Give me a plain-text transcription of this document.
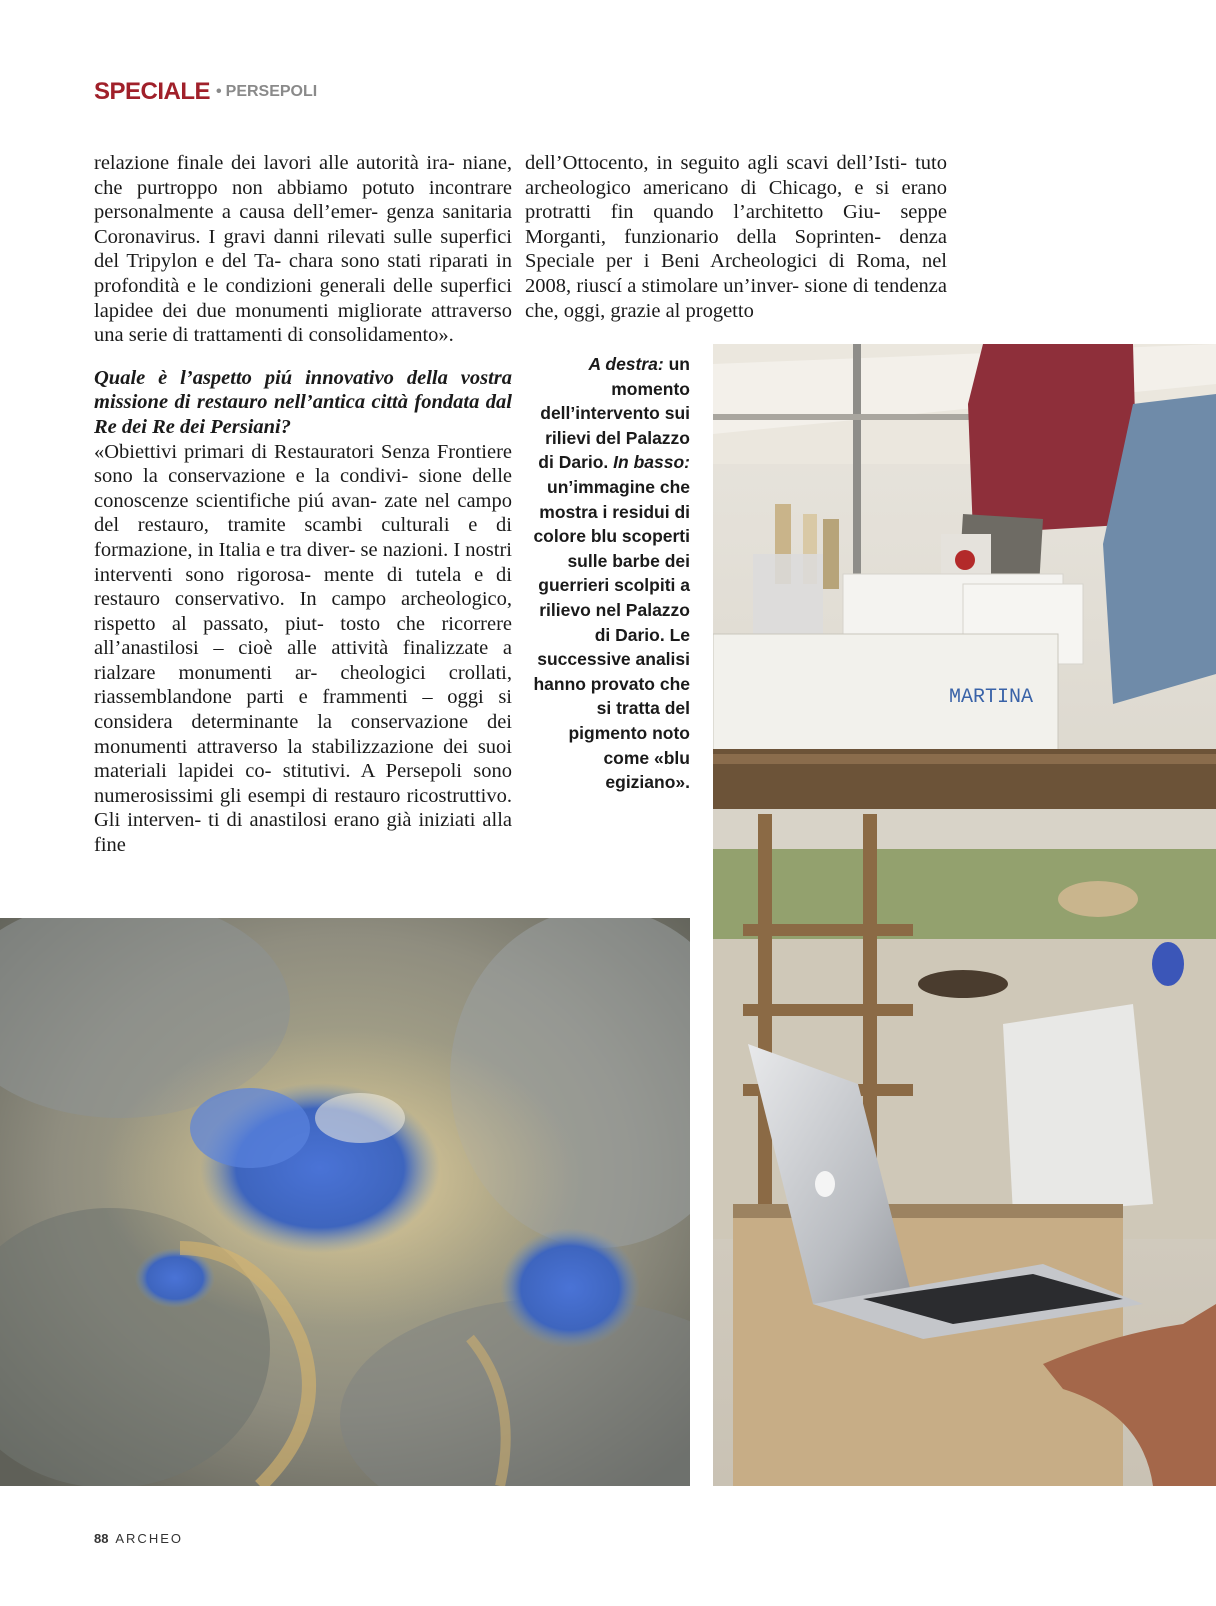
SPECIALE • PERSEPOLI

relazione finale dei lavori alle autorità ira- niane, che purtroppo non abbiamo potuto incontrare personalmente a causa dell’emer- genza sanitaria Coronavirus. I gravi danni rilevati sulle superfici del Tripylon e del Ta- chara sono stati riparati in profondità e le condizioni generali delle superfici lapidee dei due monumenti migliorate attraverso una serie di trattamenti di consolidamento».

Quale è l’aspetto piú innovativo della vostra missione di restauro nell’antica città fondata dal Re dei Re dei Persiani?

«Obiettivi primari di Restauratori Senza Frontiere sono la conservazione e la condivi- sione delle conoscenze scientifiche piú avan- zate nel campo del restauro, tramite scambi culturali e di formazione, in Italia e tra diver- se nazioni. I nostri interventi sono rigorosa- mente di tutela e di restauro conservativo. In campo archeologico, rispetto al passato, piut- tosto che ricorrere all’anastilosi – cioè alle attività finalizzate a rialzare monumenti ar- cheologici crollati, riassemblandone parti e frammenti – oggi si considera determinante la conservazione dei monumenti attraverso la stabilizzazione dei suoi materiali lapidei co- stitutivi. A Persepoli sono numerosissimi gli esempi di restauro ricostruttivo. Gli interven- ti di anastilosi erano già iniziati alla fine

dell’Ottocento, in seguito agli scavi dell’Isti- tuto archeologico americano di Chicago, e si erano protratti fin quando l’architetto Giu- seppe Morganti, funzionario della Soprinten- denza Speciale per i Beni Archeologici di Roma, nel 2008, riuscí a stimolare un’inver- sione di tendenza che, oggi, grazie al progetto

A destra: un momento dell’intervento sui rilievi del Palazzo di Dario. In basso: un’immagine che mostra i residui di colore blu scoperti sulle barbe dei guerrieri scolpiti a rilievo nel Palazzo di Dario. Le successive analisi hanno provato che si tratta del pigmento noto come «blu egiziano».
MARTINA
88 ARCHEO
